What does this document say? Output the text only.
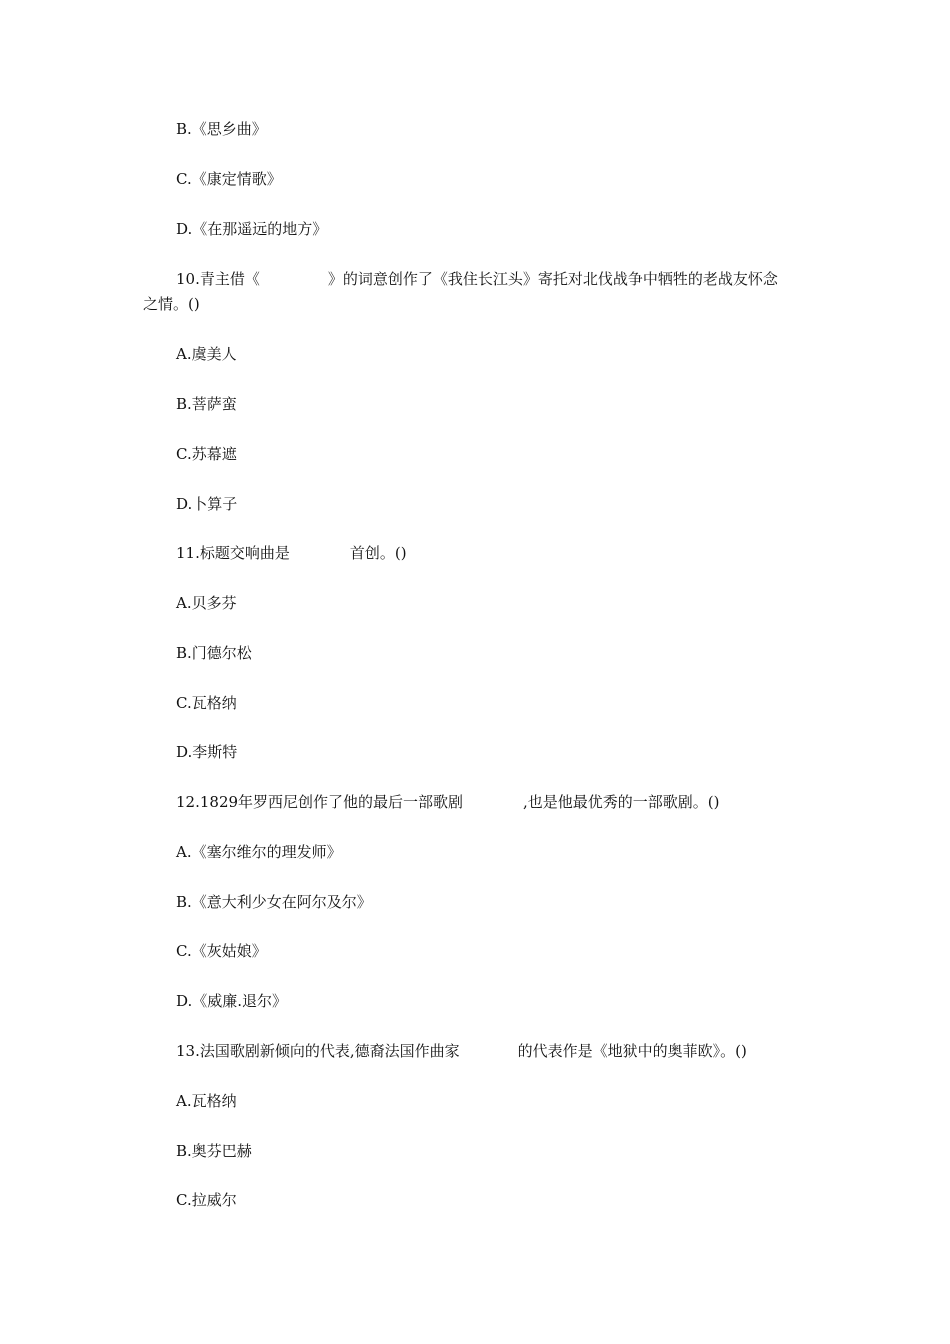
B.《思乡曲》
C.《康定情歌》
D.《在那遥远的地方》
10.青主借《	》的词意创作了《我住长江头》寄托对北伐战争中牺牲的老战友怀念
之情。()
A.虞美人
B.菩萨蛮
C.苏幕遮
D.卜算子
11.标题交响曲是	首创。()
A.贝多芬
B.门德尔松
C.瓦格纳
D.李斯特
12.1829年罗西尼创作了他的最后一部歌剧	,也是他最优秀的一部歌剧。()
A.《塞尔维尔的理发师》
B.《意大利少女在阿尔及尔》
C.《灰姑娘》
D.《威廉.退尔》
13.法国歌剧新倾向的代表,德裔法国作曲家	的代表作是《地狱中的奥菲欧》。()
A.瓦格纳
B.奥芬巴赫
C.拉威尔
